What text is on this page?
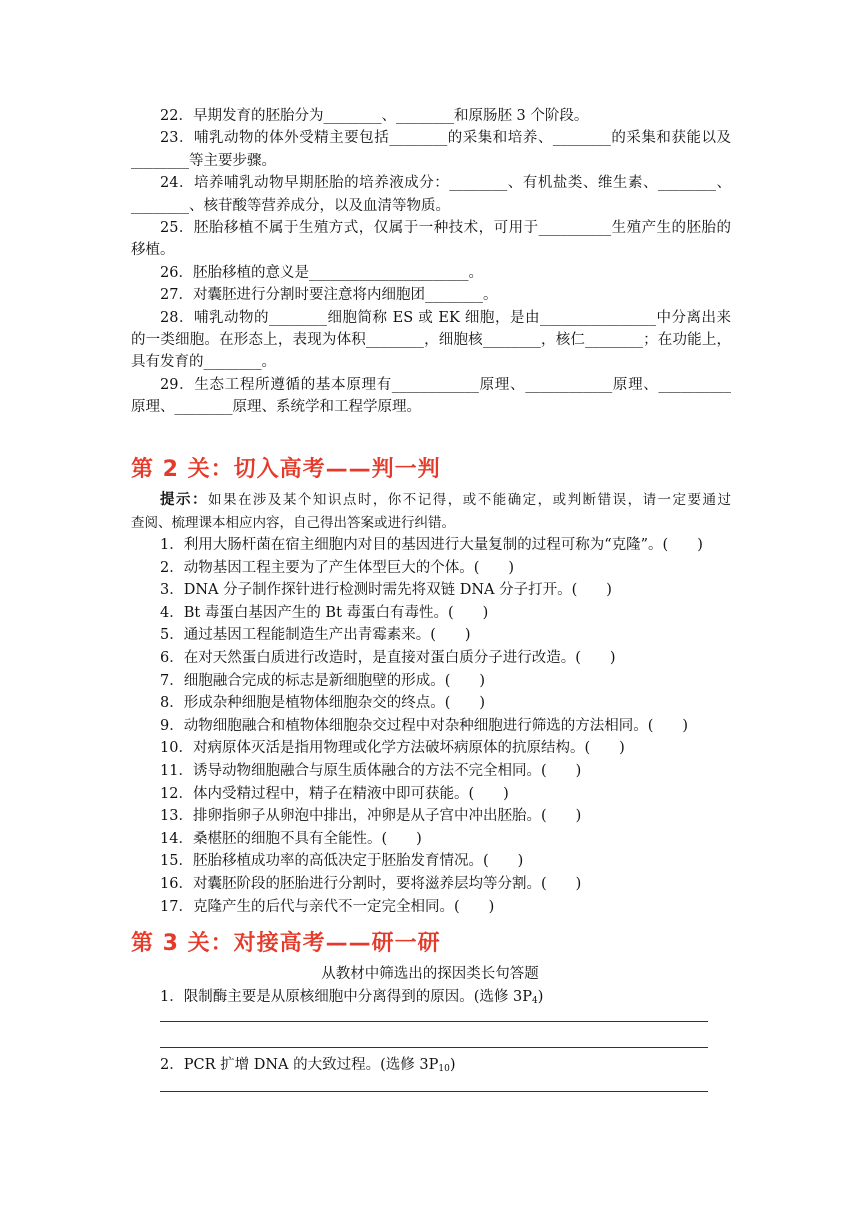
22．早期发育的胚胎分为________、________和原肠胚 3 个阶段。
23．哺乳动物的体外受精主要包括________的采集和培养、________的采集和获能以及
________等主要步骤。
24．培养哺乳动物早期胚胎的培养液成分：________、有机盐类、维生素、________、
________、核苷酸等营养成分，以及血清等物质。
25．胚胎移植不属于生殖方式，仅属于一种技术，可用于__________生殖产生的胚胎的
移植。
26．胚胎移植的意义是______________________。
27．对囊胚进行分割时要注意将内细胞团________。
28．哺乳动物的________细胞简称 ES 或 EK 细胞，是由________________中分离出来
的一类细胞。在形态上，表现为体积________，细胞核________，核仁________；在功能上，
具有发育的________。
29．生态工程所遵循的基本原理有____________原理、____________原理、__________
原理、________原理、系统学和工程学原理。
第 2 关：切入高考——判一判
提示：如果在涉及某个知识点时，你不记得，或不能确定，或判断错误，请一定要通过
查阅、梳理课本相应内容，自己得出答案或进行纠错。
1．利用大肠杆菌在宿主细胞内对目的基因进行大量复制的过程可称为“克隆”。(　　)
2．动物基因工程主要为了产生体型巨大的个体。(　　)
3．DNA 分子制作探针进行检测时需先将双链 DNA 分子打开。(　　)
4．Bt 毒蛋白基因产生的 Bt 毒蛋白有毒性。(　　)
5．通过基因工程能制造生产出青霉素来。(　　)
6．在对天然蛋白质进行改造时，是直接对蛋白质分子进行改造。(　　)
7．细胞融合完成的标志是新细胞壁的形成。(　　)
8．形成杂种细胞是植物体细胞杂交的终点。(　　)
9．动物细胞融合和植物体细胞杂交过程中对杂种细胞进行筛选的方法相同。(　　)
10．对病原体灭活是指用物理或化学方法破坏病原体的抗原结构。(　　)
11．诱导动物细胞融合与原生质体融合的方法不完全相同。(　　)
12．体内受精过程中，精子在精液中即可获能。(　　)
13．排卵指卵子从卵泡中排出，冲卵是从子宫中冲出胚胎。(　　)
14．桑椹胚的细胞不具有全能性。(　　)
15．胚胎移植成功率的高低决定于胚胎发育情况。(　　)
16．对囊胚阶段的胚胎进行分割时，要将滋养层均等分割。(　　)
17．克隆产生的后代与亲代不一定完全相同。(　　)
第 3 关：对接高考——研一研
从教材中筛选出的探因类长句答题
1．限制酶主要是从原核细胞中分离得到的原因。(选修 $3P_4$)
2．PCR 扩增 DNA 的大致过程。(选修 $3P_{10}$)
